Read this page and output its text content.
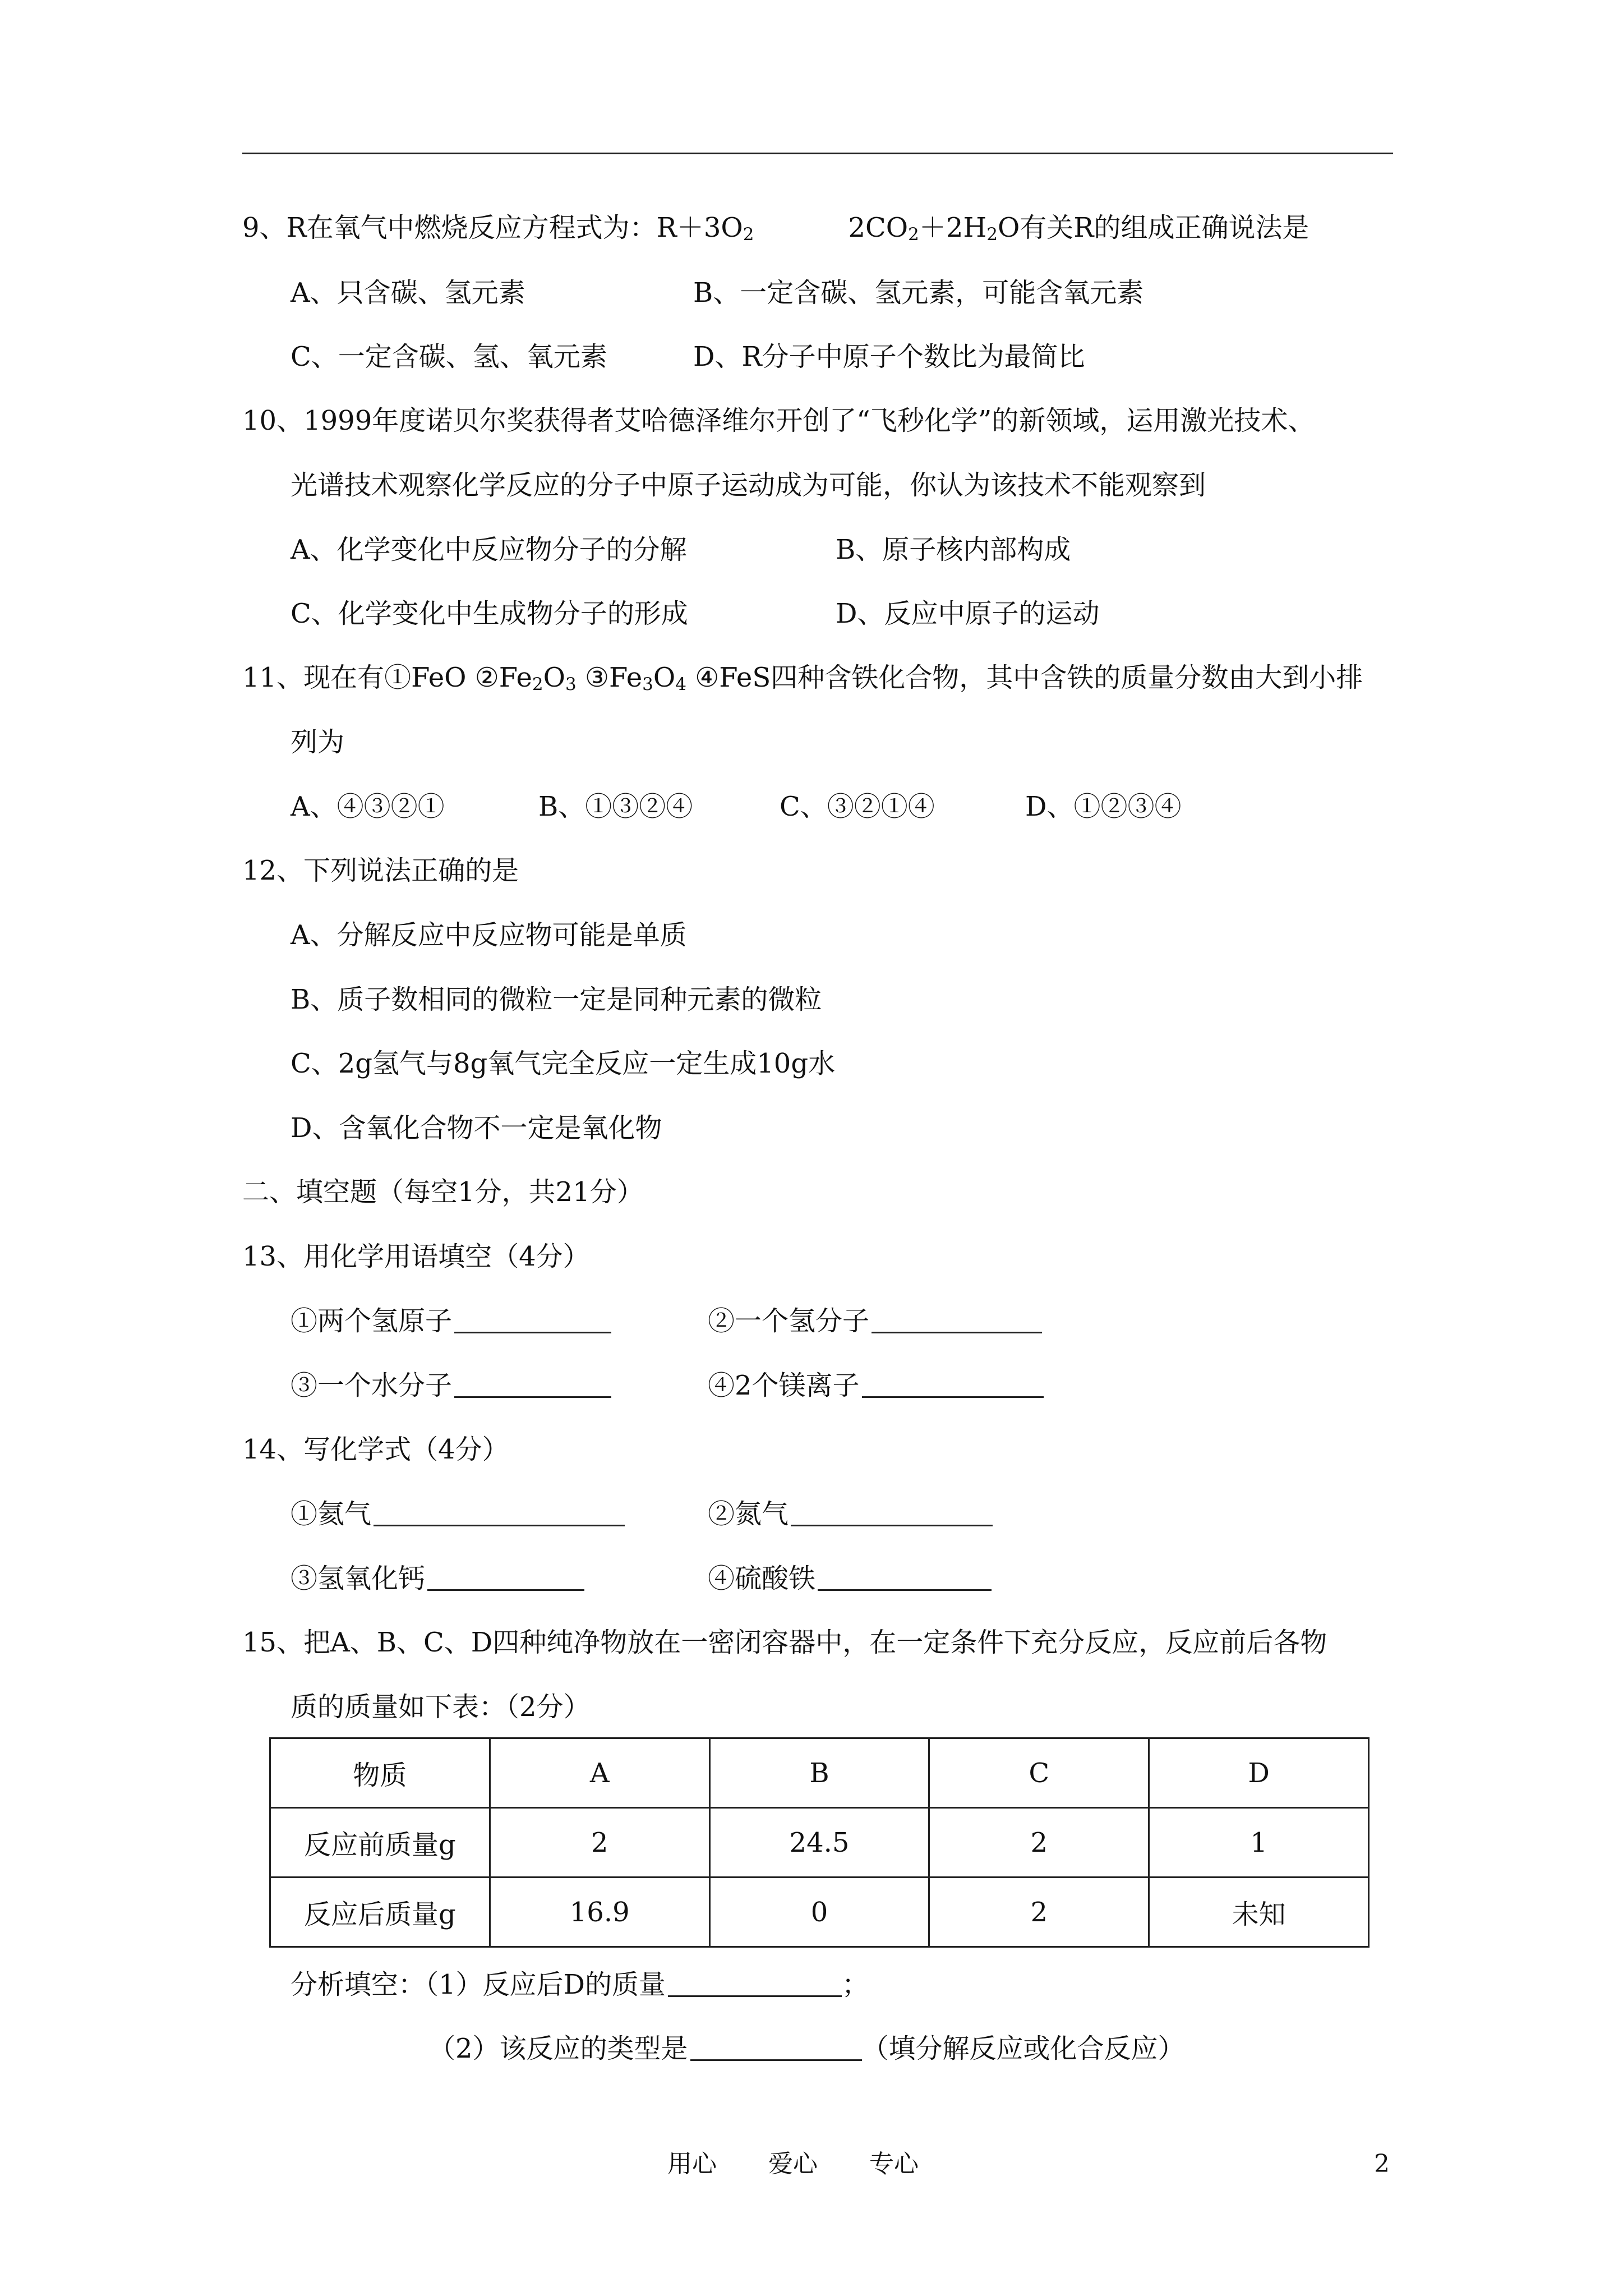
9、R在氧气中燃烧反应方程式为：$R+3O_2$	$2CO_2+2H_2O$有关R的组成正确说法是
A、只含碳、氢元素	B、一定含碳、氢元素，可能含氧元素
C、一定含碳、氢、氧元素	D、R分子中原子个数比为最简比
10、1999年度诺贝尔奖获得者艾哈德泽维尔开创了“飞秒化学”的新领域，运用激光技术、
光谱技术观察化学反应的分子中原子运动成为可能，你认为该技术不能观察到
A、化学变化中反应物分子的分解	B、原子核内部构成
C、化学变化中生成物分子的形成	D、反应中原子的运动
11、现在有①FeO $②Fe_2O_3$ $③Fe_3O_4$ ④FeS四种含铁化合物，其中含铁的质量分数由大到小排
列为
A、④③②①	B、①③②④	C、③②①④	D、①②③④
12、下列说法正确的是
A、分解反应中反应物可能是单质
B、质子数相同的微粒一定是同种元素的微粒
C、2g氢气与8g氧气完全反应一定生成10g水
D、含氧化合物不一定是氧化物
二、填空题（每空1分，共21分）
13、用化学用语填空（4分）
①两个氢原子	②一个氢分子
③一个水分子	④2个镁离子
14、写化学式（4分）
①氦气	②氮气
③氢氧化钙	④硫酸铁
15、把A、B、C、D四种纯净物放在一密闭容器中，在一定条件下充分反应，反应前后各物
质的质量如下表：（2分）
物质	A	B	C	D
反应前质量g	2	24.5	2	1
反应后质量g	16.9	0	2	未知
分析填空：（1）反应后D的质量	；
（2）该反应的类型是	（填分解反应或化合反应）
用心 爱心 专心	2
